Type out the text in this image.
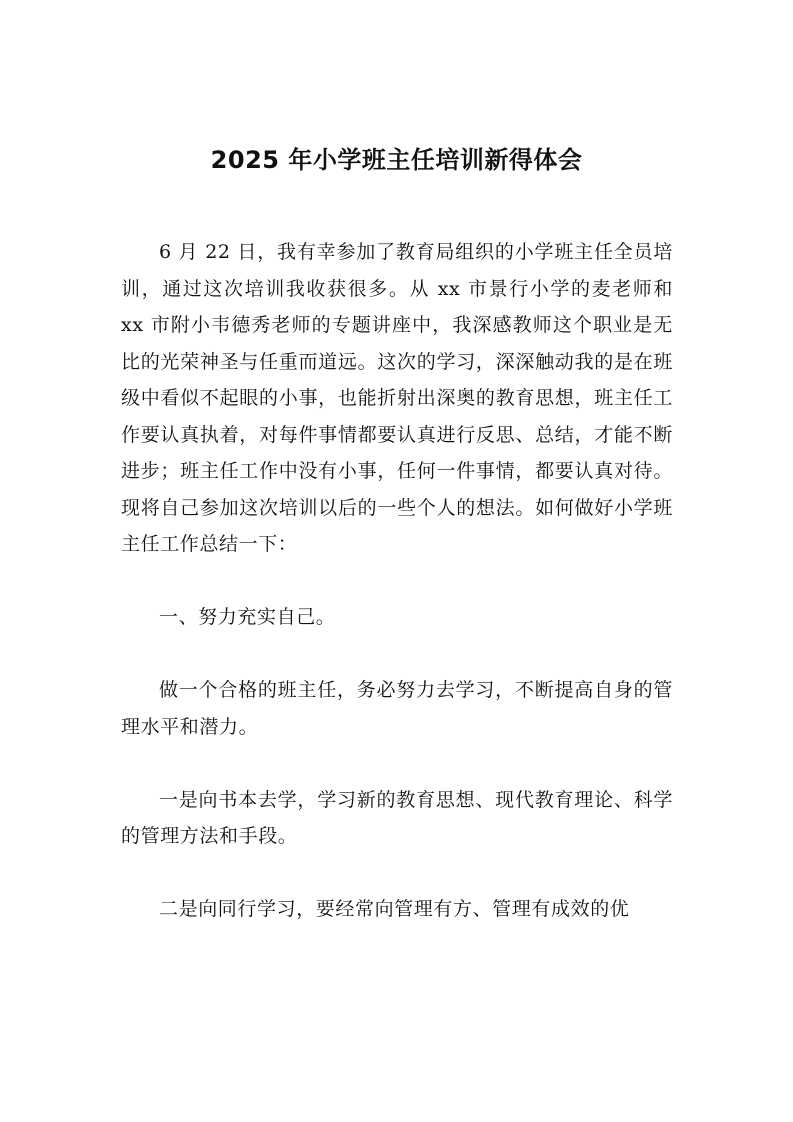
2025 年小学班主任培训新得体会

6 月 22 日，我有幸参加了教育局组织的小学班主任全员培训，通过这次培训我收获很多。从 xx 市景行小学的麦老师和 xx 市附小韦德秀老师的专题讲座中，我深感教师这个职业是无比的光荣神圣与任重而道远。这次的学习，深深触动我的是在班级中看似不起眼的小事，也能折射出深奥的教育思想，班主任工作要认真执着，对每件事情都要认真进行反思、总结，才能不断进步；班主任工作中没有小事，任何一件事情，都要认真对待。现将自己参加这次培训以后的一些个人的想法。如何做好小学班主任工作总结一下：

一、努力充实自己。

做一个合格的班主任，务必努力去学习，不断提高自身的管理水平和潜力。

一是向书本去学，学习新的教育思想、现代教育理论、科学的管理方法和手段。

二是向同行学习，要经常向管理有方、管理有成效的优
